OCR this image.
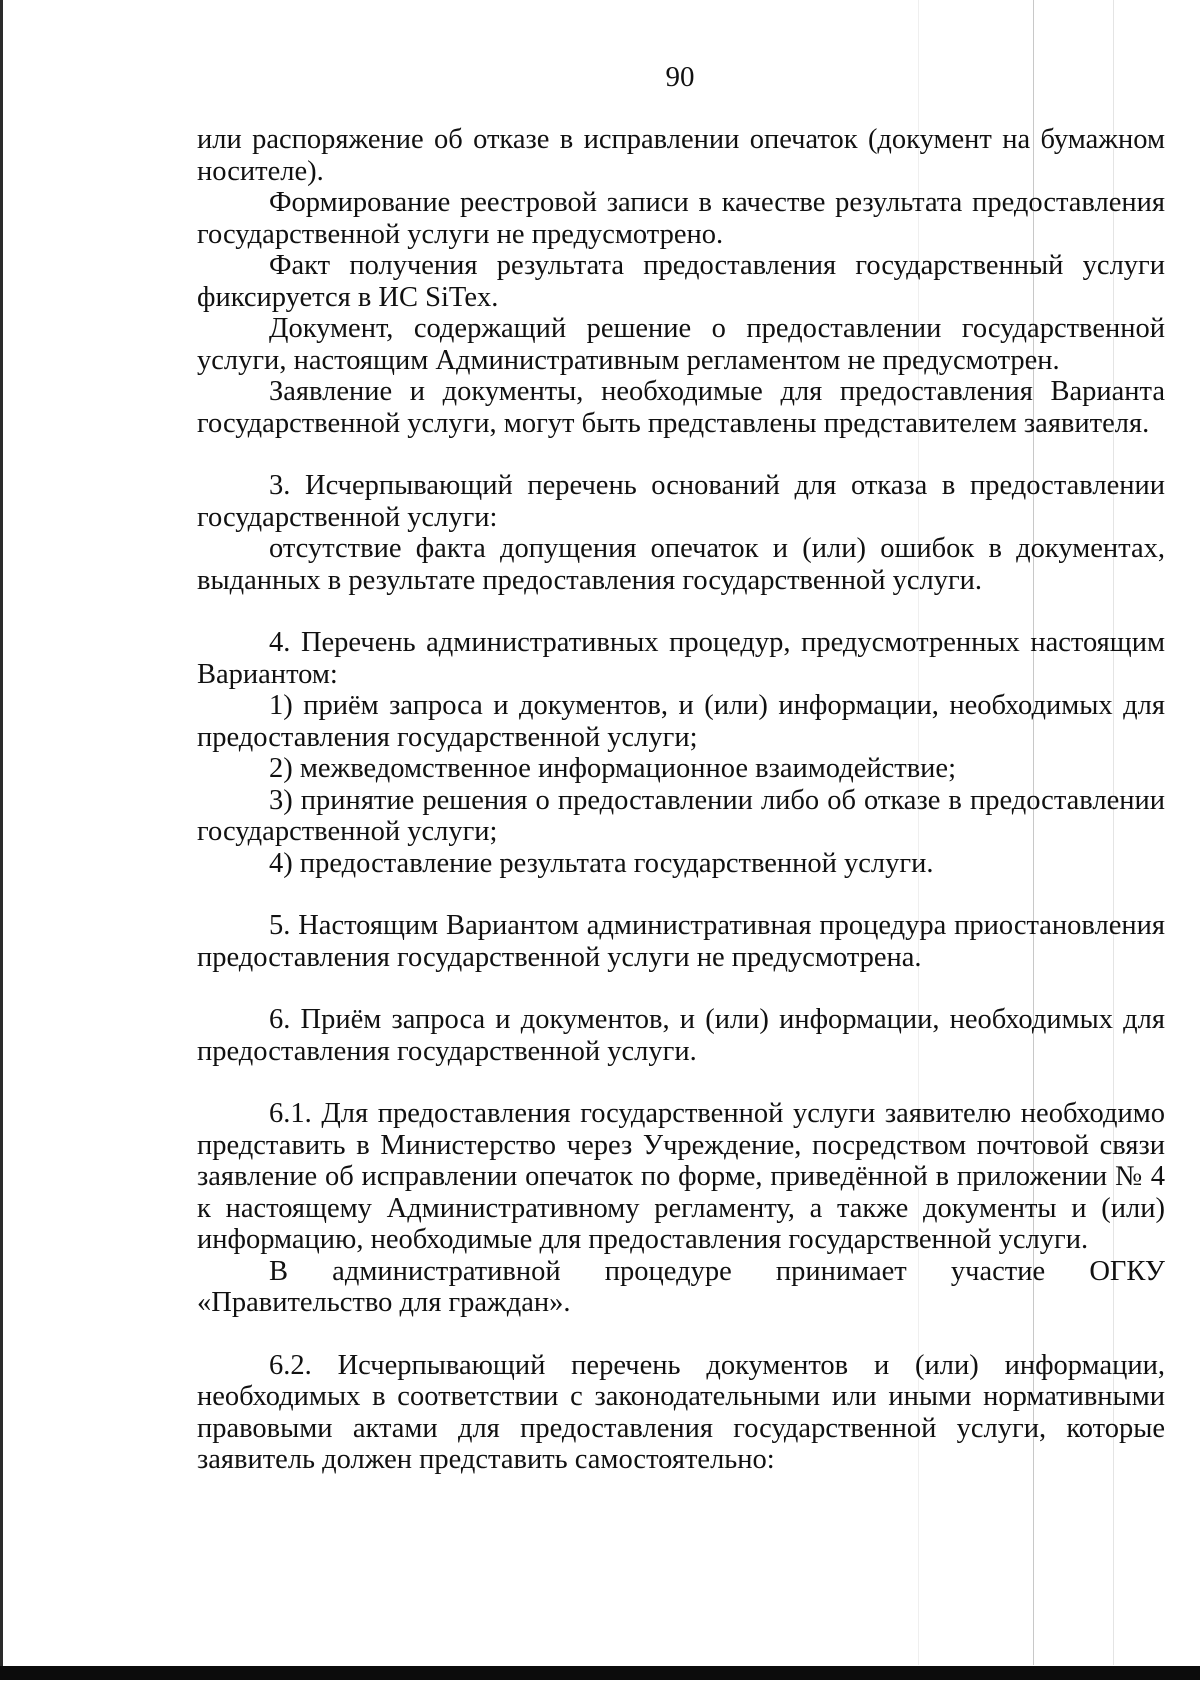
90

или распоряжение об отказе в исправлении опечаток (документ на бумажном носителе).

Формирование реестровой записи в качестве результата предоставления государственной услуги не предусмотрено.

Факт получения результата предоставления государственный услуги фиксируется в ИС SiTex.

Документ, содержащий решение о предоставлении государственной услуги, настоящим Административным регламентом не предусмотрен.

Заявление и документы, необходимые для предоставления Варианта государственной услуги, могут быть представлены представителем заявителя.

3. Исчерпывающий перечень оснований для отказа в предоставлении государственной услуги:

отсутствие факта допущения опечаток и (или) ошибок в документах, выданных в результате предоставления государственной услуги.

4. Перечень административных процедур, предусмотренных настоящим Вариантом:

1) приём запроса и документов, и (или) информации, необходимых для предоставления государственной услуги;

2) межведомственное информационное взаимодействие;

3) принятие решения о предоставлении либо об отказе в предоставлении государственной услуги;

4) предоставление результата государственной услуги.

5. Настоящим Вариантом административная процедура приостановления предоставления государственной услуги не предусмотрена.

6. Приём запроса и документов, и (или) информации, необходимых для предоставления государственной услуги.

6.1. Для предоставления государственной услуги заявителю необходимо представить в Министерство через Учреждение, посредством почтовой связи заявление об исправлении опечаток по форме, приведённой в приложении № 4 к настоящему Административному регламенту, а также документы и (или) информацию, необходимые для предоставления государственной услуги.

В административной процедуре принимает участие ОГКУ «Правительство для граждан».

6.2. Исчерпывающий перечень документов и (или) информации, необходимых в соответствии с законодательными или иными нормативными правовыми актами для предоставления государственной услуги, которые заявитель должен представить самостоятельно:
